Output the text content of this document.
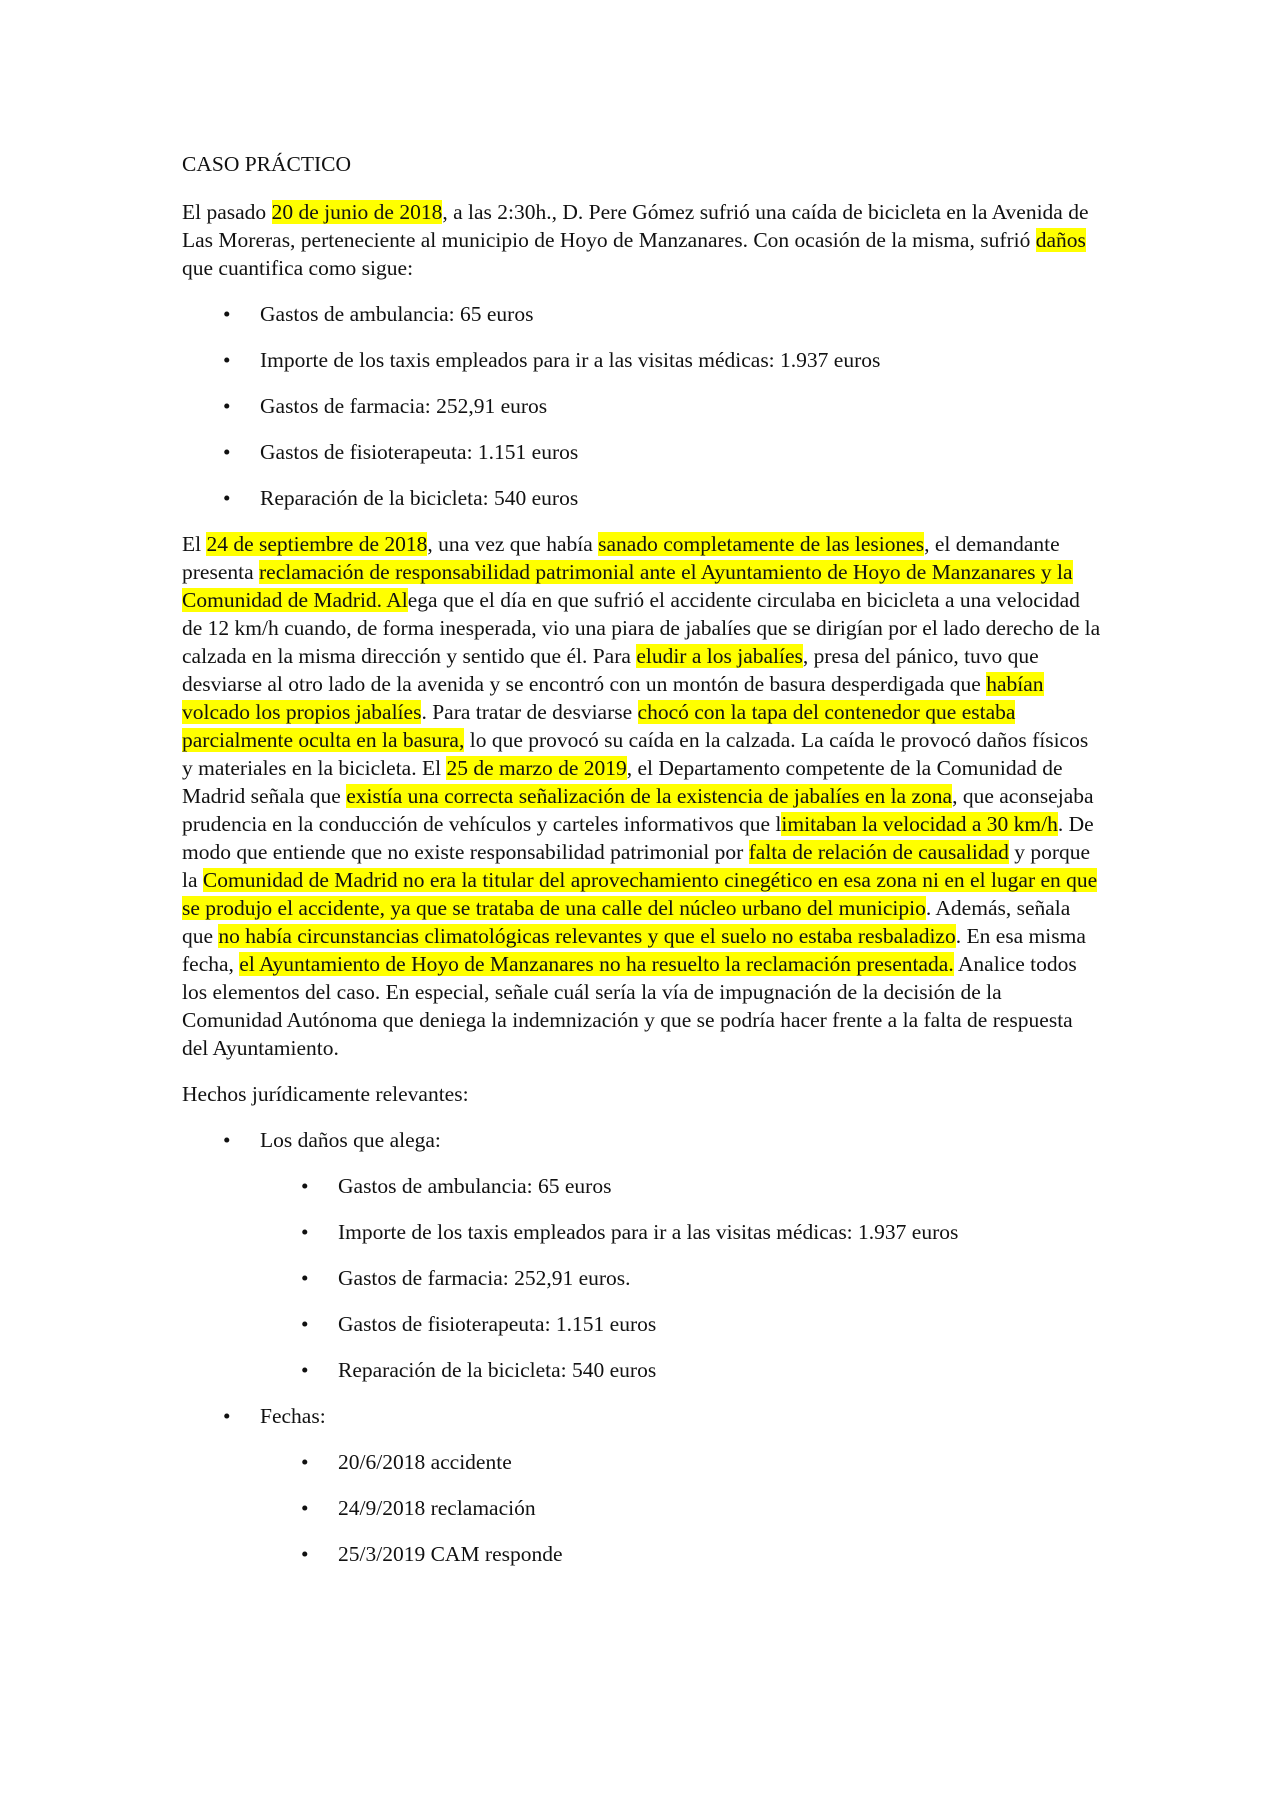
CASO PRÁCTICO

El pasado 20 de junio de 2018, a las 2:30h., D. Pere Gómez sufrió una caída de bicicleta en la Avenida de Las Moreras, perteneciente al municipio de Hoyo de Manzanares. Con ocasión de la misma, sufrió daños que cuantifica como sigue:

• Gastos de ambulancia: 65 euros
• Importe de los taxis empleados para ir a las visitas médicas: 1.937 euros
• Gastos de farmacia: 252,91 euros
• Gastos de fisioterapeuta: 1.151 euros
• Reparación de la bicicleta: 540 euros

El 24 de septiembre de 2018, una vez que había sanado completamente de las lesiones, el demandante presenta reclamación de responsabilidad patrimonial ante el Ayuntamiento de Hoyo de Manzanares y la Comunidad de Madrid. Alega que el día en que sufrió el accidente circulaba en bicicleta a una velocidad de 12 km/h cuando, de forma inesperada, vio una piara de jabalíes que se dirigían por el lado derecho de la calzada en la misma dirección y sentido que él. Para eludir a los jabalíes, presa del pánico, tuvo que desviarse al otro lado de la avenida y se encontró con un montón de basura desperdigada que habían volcado los propios jabalíes. Para tratar de desviarse chocó con la tapa del contenedor que estaba parcialmente oculta en la basura, lo que provocó su caída en la calzada. La caída le provocó daños físicos y materiales en la bicicleta. El 25 de marzo de 2019, el Departamento competente de la Comunidad de Madrid señala que existía una correcta señalización de la existencia de jabalíes en la zona, que aconsejaba prudencia en la conducción de vehículos y carteles informativos que limitaban la velocidad a 30 km/h. De modo que entiende que no existe responsabilidad patrimonial por falta de relación de causalidad y porque la Comunidad de Madrid no era la titular del aprovechamiento cinegético en esa zona ni en el lugar en que se produjo el accidente, ya que se trataba de una calle del núcleo urbano del municipio. Además, señala que no había circunstancias climatológicas relevantes y que el suelo no estaba resbaladizo. En esa misma fecha, el Ayuntamiento de Hoyo de Manzanares no ha resuelto la reclamación presentada. Analice todos los elementos del caso. En especial, señale cuál sería la vía de impugnación de la decisión de la Comunidad Autónoma que deniega la indemnización y que se podría hacer frente a la falta de respuesta del Ayuntamiento.

Hechos jurídicamente relevantes:

• Los daños que alega:
• Gastos de ambulancia: 65 euros
• Importe de los taxis empleados para ir a las visitas médicas: 1.937 euros
• Gastos de farmacia: 252,91 euros.
• Gastos de fisioterapeuta: 1.151 euros
• Reparación de la bicicleta: 540 euros
• Fechas:
• 20/6/2018 accidente
• 24/9/2018 reclamación
• 25/3/2019 CAM responde
